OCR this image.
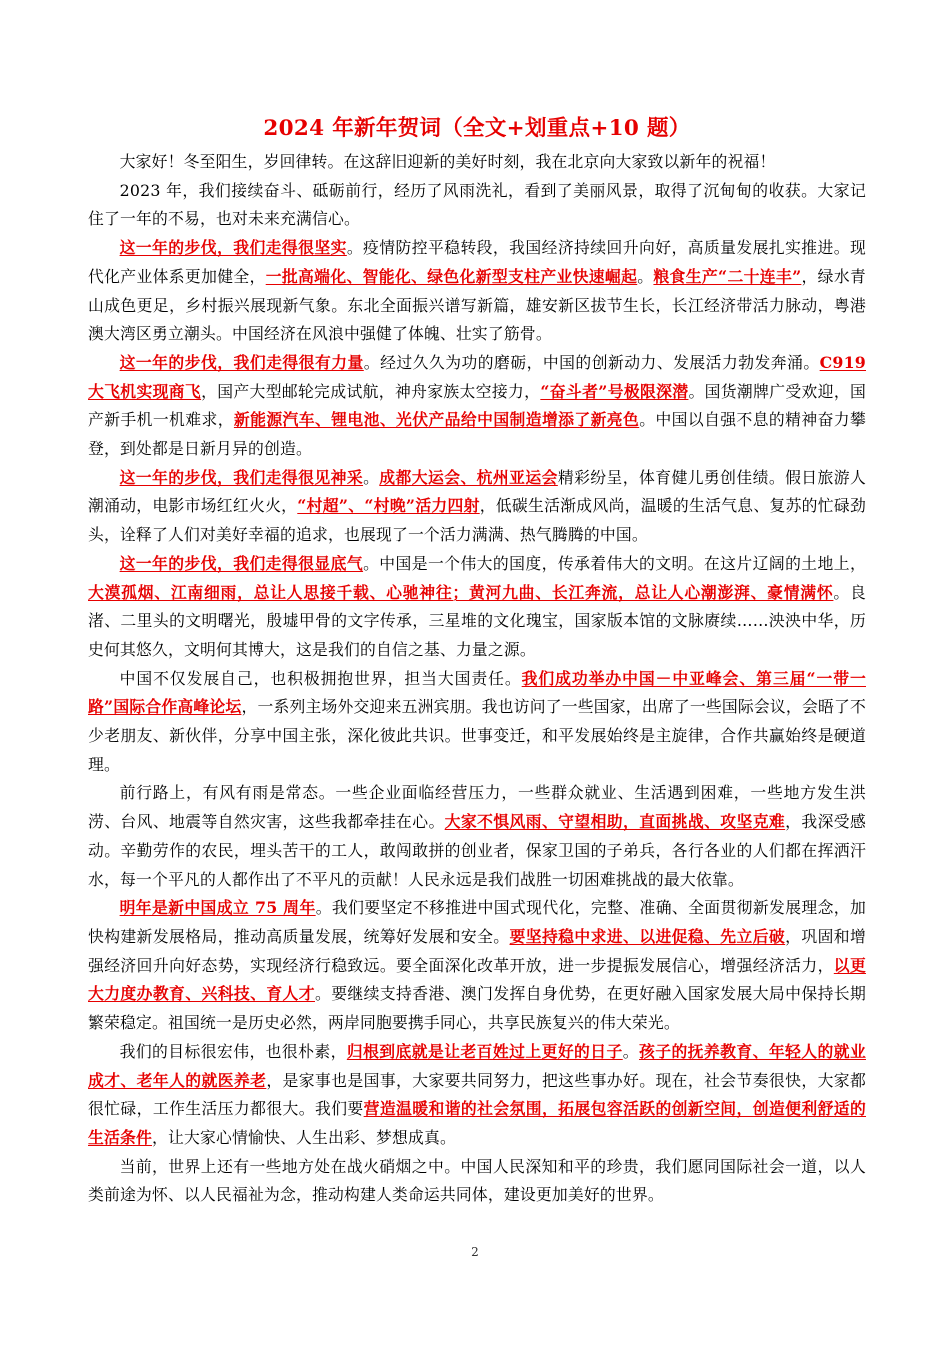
2024 年新年贺词（全文+划重点+10 题）

大家好！冬至阳生，岁回律转。在这辞旧迎新的美好时刻，我在北京向大家致以新年的祝福！

2023 年，我们接续奋斗、砥砺前行，经历了风雨洗礼，看到了美丽风景，取得了沉甸甸的收获。大家记住了一年的不易，也对未来充满信心。

这一年的步伐，我们走得很坚实。疫情防控平稳转段，我国经济持续回升向好，高质量发展扎实推进。现代化产业体系更加健全，一批高端化、智能化、绿色化新型支柱产业快速崛起。粮食生产“二十连丰”，绿水青山成色更足，乡村振兴展现新气象。东北全面振兴谱写新篇，雄安新区拔节生长，长江经济带活力脉动，粤港澳大湾区勇立潮头。中国经济在风浪中强健了体魄、壮实了筋骨。

这一年的步伐，我们走得很有力量。经过久久为功的磨砺，中国的创新动力、发展活力勃发奔涌。C919 大飞机实现商飞，国产大型邮轮完成试航，神舟家族太空接力，“奋斗者”号极限深潜。国货潮牌广受欢迎，国产新手机一机难求，新能源汽车、锂电池、光伏产品给中国制造增添了新亮色。中国以自强不息的精神奋力攀登，到处都是日新月异的创造。

这一年的步伐，我们走得很见神采。成都大运会、杭州亚运会精彩纷呈，体育健儿勇创佳绩。假日旅游人潮涌动，电影市场红红火火，“村超”、“村晚”活力四射，低碳生活渐成风尚，温暖的生活气息、复苏的忙碌劲头，诠释了人们对美好幸福的追求，也展现了一个活力满满、热气腾腾的中国。

这一年的步伐，我们走得很显底气。中国是一个伟大的国度，传承着伟大的文明。在这片辽阔的土地上，大漠孤烟、江南细雨，总让人思接千载、心驰神往；黄河九曲、长江奔流，总让人心潮澎湃、豪情满怀。良渚、二里头的文明曙光，殷墟甲骨的文字传承，三星堆的文化瑰宝，国家版本馆的文脉赓续……泱泱中华，历史何其悠久，文明何其博大，这是我们的自信之基、力量之源。

中国不仅发展自己，也积极拥抱世界，担当大国责任。我们成功举办中国－中亚峰会、第三届“一带一路”国际合作高峰论坛，一系列主场外交迎来五洲宾朋。我也访问了一些国家，出席了一些国际会议，会晤了不少老朋友、新伙伴，分享中国主张，深化彼此共识。世事变迁，和平发展始终是主旋律，合作共赢始终是硬道理。

前行路上，有风有雨是常态。一些企业面临经营压力，一些群众就业、生活遇到困难，一些地方发生洪涝、台风、地震等自然灾害，这些我都牵挂在心。大家不惧风雨、守望相助，直面挑战、攻坚克难，我深受感动。辛勤劳作的农民，埋头苦干的工人，敢闯敢拼的创业者，保家卫国的子弟兵，各行各业的人们都在挥洒汗水，每一个平凡的人都作出了不平凡的贡献！人民永远是我们战胜一切困难挑战的最大依靠。

明年是新中国成立 75 周年。我们要坚定不移推进中国式现代化，完整、准确、全面贯彻新发展理念，加快构建新发展格局，推动高质量发展，统筹好发展和安全。要坚持稳中求进、以进促稳、先立后破，巩固和增强经济回升向好态势，实现经济行稳致远。要全面深化改革开放，进一步提振发展信心，增强经济活力，以更大力度办教育、兴科技、育人才。要继续支持香港、澳门发挥自身优势，在更好融入国家发展大局中保持长期繁荣稳定。祖国统一是历史必然，两岸同胞要携手同心，共享民族复兴的伟大荣光。

我们的目标很宏伟，也很朴素，归根到底就是让老百姓过上更好的日子。孩子的抚养教育、年轻人的就业成才、老年人的就医养老，是家事也是国事，大家要共同努力，把这些事办好。现在，社会节奏很快，大家都很忙碌，工作生活压力都很大。我们要营造温暖和谐的社会氛围，拓展包容活跃的创新空间，创造便利舒适的生活条件，让大家心情愉快、人生出彩、梦想成真。

当前，世界上还有一些地方处在战火硝烟之中。中国人民深知和平的珍贵，我们愿同国际社会一道，以人类前途为怀、以人民福祉为念，推动构建人类命运共同体，建设更加美好的世界。

2
